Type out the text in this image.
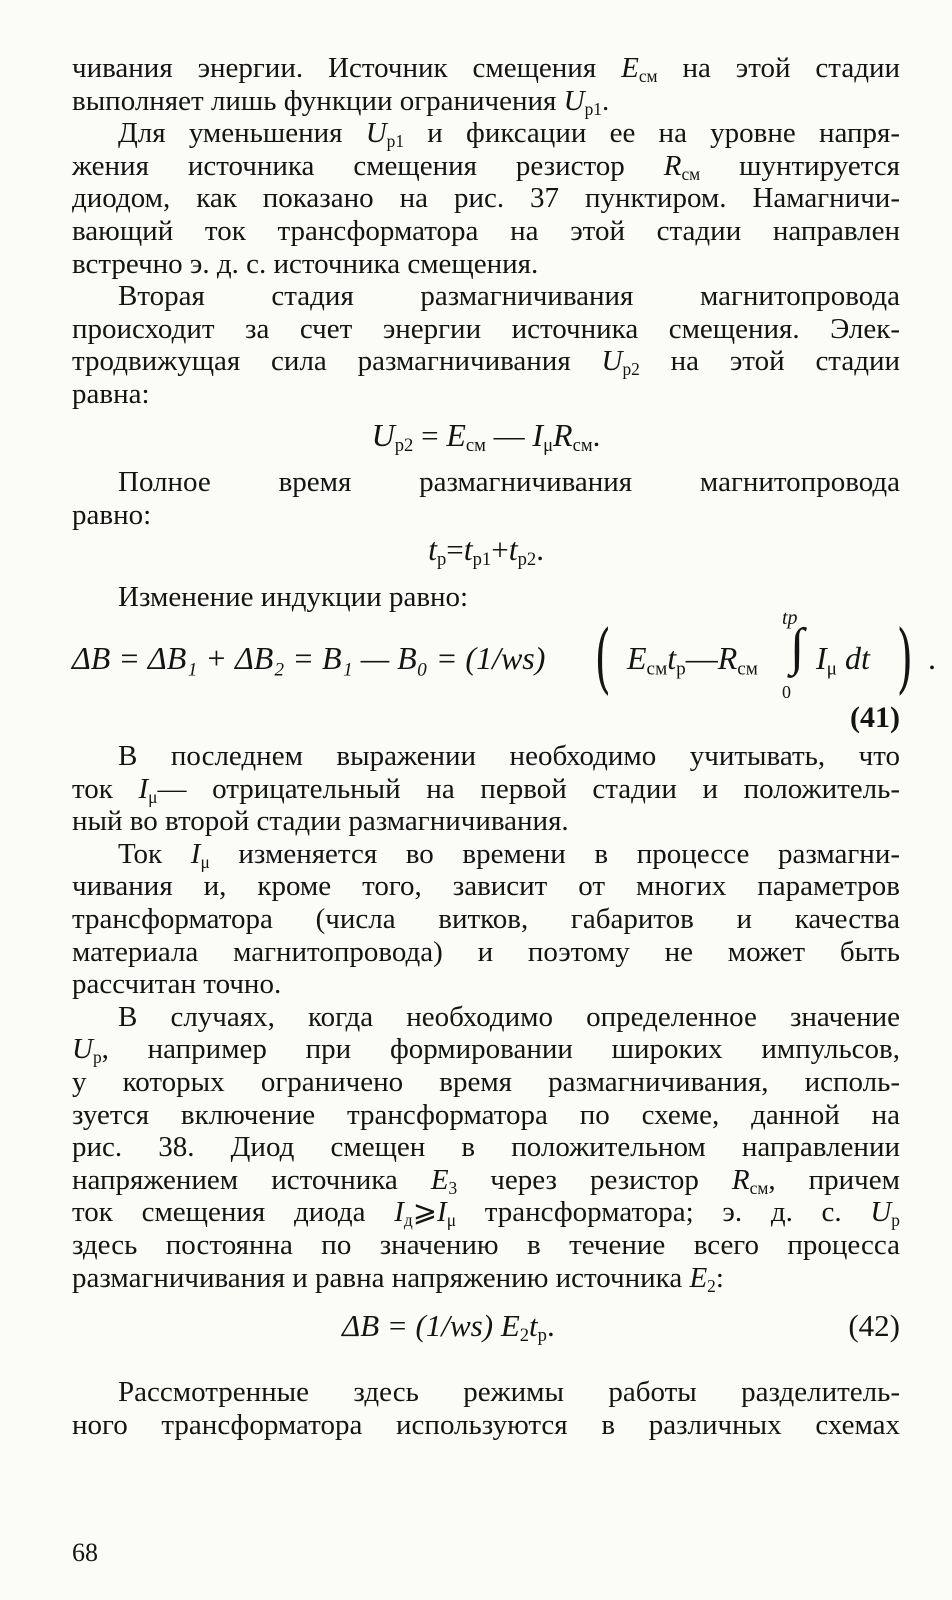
чивания энергии. Источник смещения $E_{см}$ на этой стадии

выполняет лишь функции ограничения $U_{р1}$.

Для уменьшения $U_{р1}$ и фиксации ее на уровне напря-

жения источника смещения резистор $R_{см}$ шунтируется

диодом, как показано на рис. 37 пунктиром. Намагничи-

вающий ток трансформатора на этой стадии направлен

встречно э. д. с. источника смещения.

Вторая стадия размагничивания магнитопровода

происходит за счет энергии источника смещения. Элек-

тродвижущая сила размагничивания $U_{р2}$ на этой стадии

равна:

$U_{р2} = E_{см}$ — $I_\mu R_{см}$.

Полное время размагничивания магнитопровода

равно:

$t_р=t_{р1}+t_{р2}$.

Изменение индукции равно:

ΔB = ΔB₁ + ΔB₂ = B₁ — B₀ = (1/ws) ( $E_{см}t_р—R_{см}$
tр
∫
0
$I_\mu$ dt ) .

(41)

В последнем выражении необходимо учитывать, что

ток $I_\mu—$ отрицательный на первой стадии и положитель-

ный во второй стадии размагничивания.

Ток $I_\mu$ изменяется во времени в процессе размагни-

чивания и, кроме того, зависит от многих параметров

трансформатора (числа витков, габаритов и качества

материала магнитопровода) и поэтому не может быть

рассчитан точно.

В случаях, когда необходимо определенное значение

$U_р$, например при формировании широких импульсов,

у которых ограничено время размагничивания, исполь-

зуется включение трансформатора по схеме, данной на

рис. 38. Диод смещен в положительном направлении

напряжением источника $E_3$ через резистор $R_{см}$, причем

ток смещения диода $I_д⩾I_\mu$ трансформатора; э. д. с. $U_р$

здесь постоянна по значению в течение всего процесса

размагничивания и равна напряжению источника $E_2$:

ΔB = (1/ws) $E_2t_р$.	(42)

Рассмотренные здесь режимы работы разделитель-

ного трансформатора используются в различных схемах

68
